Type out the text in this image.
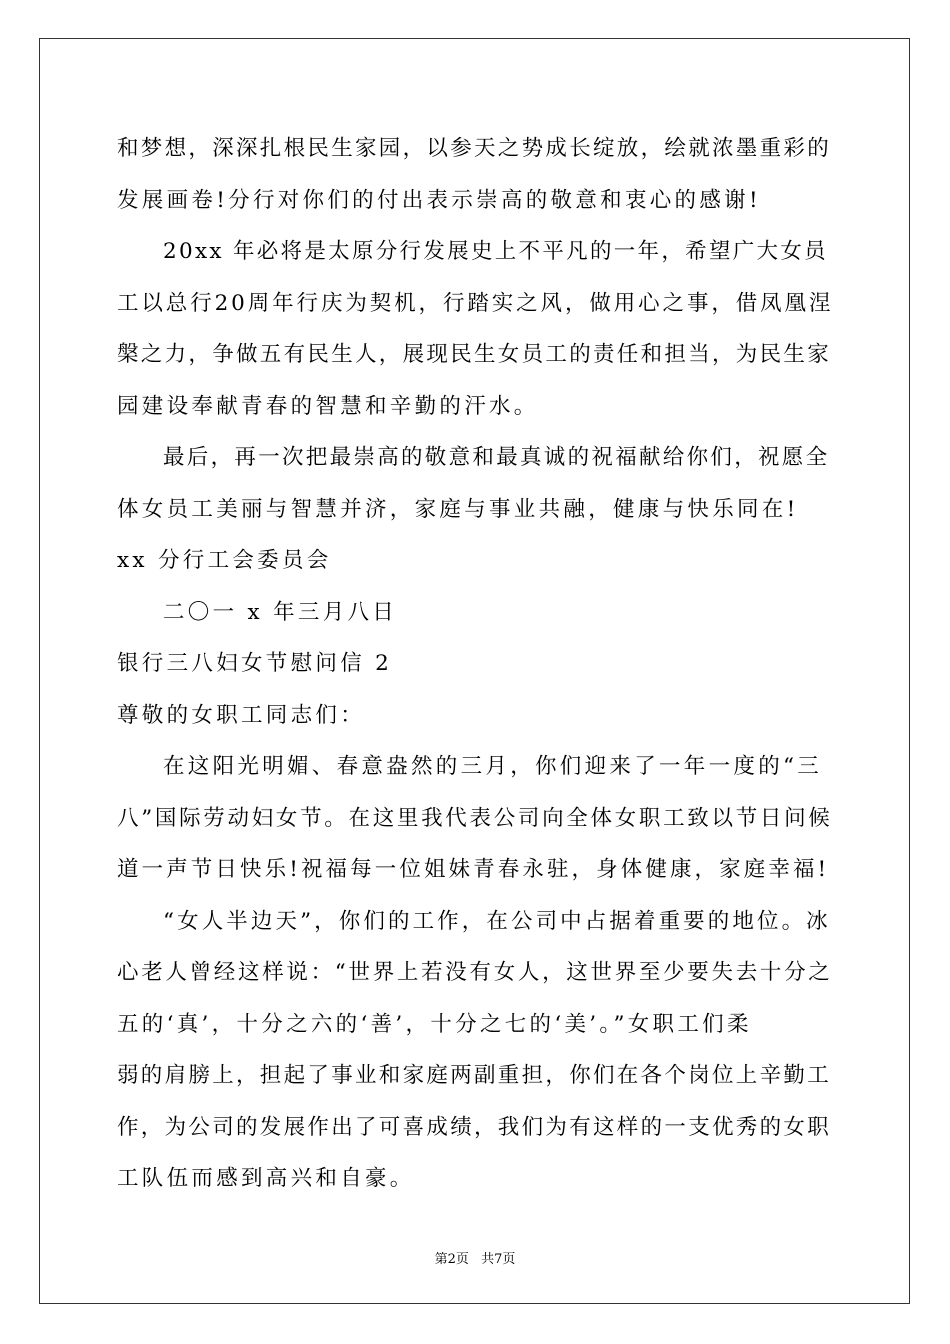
和梦想，深深扎根民生家园，以参天之势成长绽放，绘就浓墨重彩的
发展画卷!分行对你们的付出表示崇高的敬意和衷心的感谢!
20xx 年必将是太原分行发展史上不平凡的一年，希望广大女员
工以总行20周年行庆为契机，行踏实之风，做用心之事，借凤凰涅
槃之力，争做五有民生人，展现民生女员工的责任和担当，为民生家
园建设奉献青春的智慧和辛勤的汗水。
最后，再一次把最崇高的敬意和最真诚的祝福献给你们，祝愿全
体女员工美丽与智慧并济，家庭与事业共融，健康与快乐同在!
xx 分行工会委员会
二〇一 x 年三月八日
银行三八妇女节慰问信 2
尊敬的女职工同志们：
在这阳光明媚、春意盎然的三月，你们迎来了一年一度的“三
八”国际劳动妇女节。在这里我代表公司向全体女职工致以节日问候
道一声节日快乐!祝福每一位姐妹青春永驻，身体健康，家庭幸福!
“女人半边天”，你们的工作，在公司中占据着重要的地位。冰
心老人曾经这样说：“世界上若没有女人，这世界至少要失去十分之
五的‘真’，十分之六的‘善’，十分之七的‘美’。”女职工们柔
弱的肩膀上，担起了事业和家庭两副重担，你们在各个岗位上辛勤工
作，为公司的发展作出了可喜成绩，我们为有这样的一支优秀的女职
工队伍而感到高兴和自豪。
第2页 共7页
